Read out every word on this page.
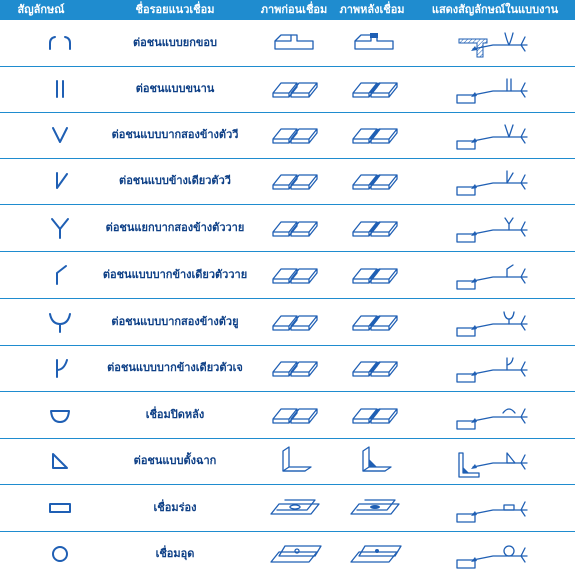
สัญลักษณ์	ชื่อรอยแนวเชื่อม	ภาพก่อนเชื่อม	ภาพหลังเชื่อม	แสดงสัญลักษณ์ในแบบงาน
ต่อชนแบบยกขอบ
ต่อชนแบบขนาน
ต่อชนแบบบากสองข้างตัววี
ต่อชนแบบข้างเดียวตัววี
ต่อชนแยกบากสองข้างตัววาย
ต่อชนแบบบากข้างเดียวตัววาย
ต่อชนแบบบากสองข้างตัวยู
ต่อชนแบบบากข้างเดียวตัวเจ
เชื่อมปิดหลัง
ต่อชนแบบตั้งฉาก
เชื่อมร่อง
เชื่อมอุด
